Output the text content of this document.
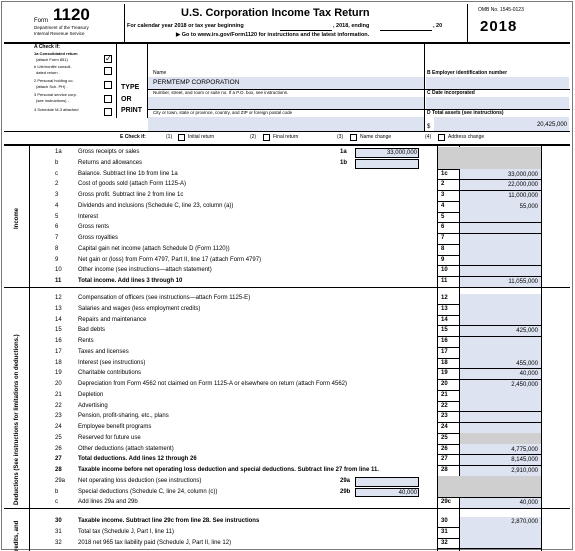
Form 1120
Department of the Treasury
Internal Revenue Service
U.S. Corporation Income Tax Return
For calendar year 2018 or tax year beginning	, 2018, ending	, 20
▶ Go to www.irs.gov/Form1120 for instructions and the latest information.
OMB No. 1545-0123
2018
A Check if:
1a Consolidated return
(attach Form 851)
b Life/nonlife consoli-
dated return .
2 Personal holding co.
(attach Sch. PH) .
3 Personal service corp.
(see instructions) .
4 Schedule M-3 attached
✓
TYPE
OR
PRINT
Name
PERMTEMP CORPORATION
Number, street, and room or suite no. If a P.O. box, see instructions.
City or town, state or province, country, and ZIP or foreign postal code
B Employer identification number
C Date incorporated
D Total assets (see instructions)
$	20,425,000
E Check if:	(1)	Initial return	(2)	Final return	(3)	Name change	(4)	Address change
Income
Deductions (See instructions for limitations on deductions.)
redits, and
1a	Gross receipts or sales	1a	33,000,000
b	Returns and allowances	1b
c	Balance. Subtract line 1b from line 1a	1c	33,000,000
2	Cost of goods sold (attach Form 1125-A)	2	22,000,000
3	Gross profit. Subtract line 2 from line 1c	3	11,000,000
4	Dividends and inclusions (Schedule C, line 23, column (a))	4	55,000
5	Interest	5
6	Gross rents	6
7	Gross royalties	7
8	Capital gain net income (attach Schedule D (Form 1120))	8
9	Net gain or (loss) from Form 4797, Part II, line 17 (attach Form 4797)	9
10	Other income (see instructions—attach statement)	10
11	Total income. Add lines 3 through 10	11	11,055,000
12	Compensation of officers (see instructions—attach Form 1125-E)	12
13	Salaries and wages (less employment credits)	13
14	Repairs and maintenance	14
15	Bad debts	15	425,000
16	Rents	16
17	Taxes and licenses	17
18	Interest (see instructions)	18	455,000
19	Charitable contributions	19	40,000
20	Depreciation from Form 4562 not claimed on Form 1125-A or elsewhere on return (attach Form 4562)	20	2,450,000
21	Depletion	21
22	Advertising	22
23	Pension, profit-sharing, etc., plans	23
24	Employee benefit programs	24
25	Reserved for future use	25
26	Other deductions (attach statement)	26	4,775,000
27	Total deductions. Add lines 12 through 26	27	8,145,000
28	Taxable income before net operating loss deduction and special deductions. Subtract line 27 from line 11.	28	2,910,000
29a Net operating loss deduction (see instructions)	29a
b	Special deductions (Schedule C, line 24, column (c))	29b	40,000
c	Add lines 29a and 29b	29c	40,000
30	Taxable income. Subtract line 29c from line 28. See instructions	30	2,870,000
31	Total tax (Schedule J, Part I, line 11)	31
32	2018 net 965 tax liability paid (Schedule J, Part II, line 12)	32
